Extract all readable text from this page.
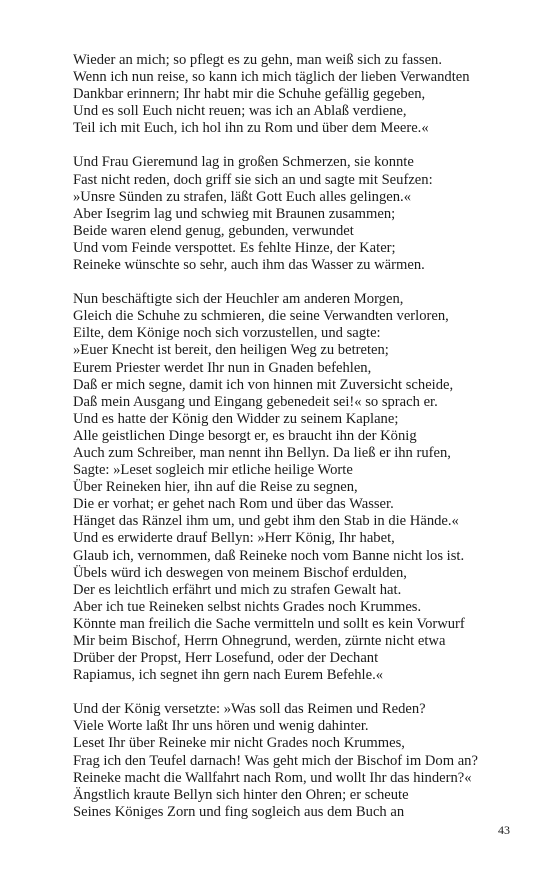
Wieder an mich; so pflegt es zu gehn, man weiß sich zu fassen.
Wenn ich nun reise, so kann ich mich täglich der lieben Verwandten
Dankbar erinnern; Ihr habt mir die Schuhe gefällig gegeben,
Und es soll Euch nicht reuen; was ich an Ablaß verdiene,
Teil ich mit Euch, ich hol ihn zu Rom und über dem Meere.«
Und Frau Gieremund lag in großen Schmerzen, sie konnte
Fast nicht reden, doch griff sie sich an und sagte mit Seufzen:
»Unsre Sünden zu strafen, läßt Gott Euch alles gelingen.«
Aber Isegrim lag und schwieg mit Braunen zusammen;
Beide waren elend genug, gebunden, verwundet
Und vom Feinde verspottet. Es fehlte Hinze, der Kater;
Reineke wünschte so sehr, auch ihm das Wasser zu wärmen.
Nun beschäftigte sich der Heuchler am anderen Morgen,
Gleich die Schuhe zu schmieren, die seine Verwandten verloren,
Eilte, dem Könige noch sich vorzustellen, und sagte:
»Euer Knecht ist bereit, den heiligen Weg zu betreten;
Eurem Priester werdet Ihr nun in Gnaden befehlen,
Daß er mich segne, damit ich von hinnen mit Zuversicht scheide,
Daß mein Ausgang und Eingang gebenedeit sei!« so sprach er.
Und es hatte der König den Widder zu seinem Kaplane;
Alle geistlichen Dinge besorgt er, es braucht ihn der König
Auch zum Schreiber, man nennt ihn Bellyn. Da ließ er ihn rufen,
Sagte: »Leset sogleich mir etliche heilige Worte
Über Reineken hier, ihn auf die Reise zu segnen,
Die er vorhat; er gehet nach Rom und über das Wasser.
Hänget das Ränzel ihm um, und gebt ihm den Stab in die Hände.«
Und es erwiderte drauf Bellyn: »Herr König, Ihr habet,
Glaub ich, vernommen, daß Reineke noch vom Banne nicht los ist.
Übels würd ich deswegen von meinem Bischof erdulden,
Der es leichtlich erfährt und mich zu strafen Gewalt hat.
Aber ich tue Reineken selbst nichts Grades noch Krummes.
Könnte man freilich die Sache vermitteln und sollt es kein Vorwurf
Mir beim Bischof, Herrn Ohnegrund, werden, zürnte nicht etwa
Drüber der Propst, Herr Losefund, oder der Dechant
Rapiamus, ich segnet ihn gern nach Eurem Befehle.«
Und der König versetzte: »Was soll das Reimen und Reden?
Viele Worte laßt Ihr uns hören und wenig dahinter.
Leset Ihr über Reineke mir nicht Grades noch Krummes,
Frag ich den Teufel darnach! Was geht mich der Bischof im Dom an?
Reineke macht die Wallfahrt nach Rom, und wollt Ihr das hindern?«
Ängstlich kraute Bellyn sich hinter den Ohren; er scheute
Seines Königes Zorn und fing sogleich aus dem Buch an
43
